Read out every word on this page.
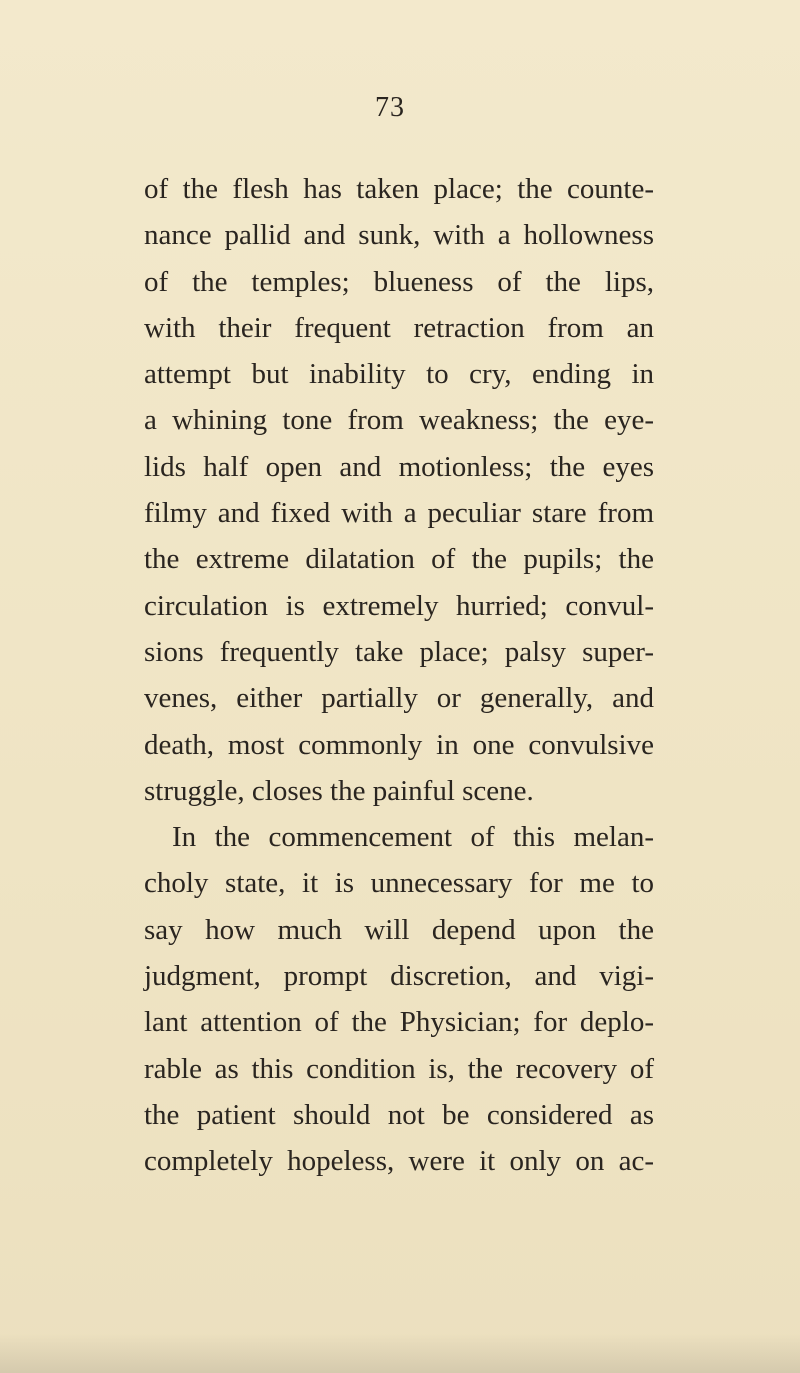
73
of the flesh has taken place; the counte-
nance pallid and sunk, with a hollowness
of the temples; blueness of the lips,
with their frequent retraction from an
attempt but inability to cry, ending in
a whining tone from weakness; the eye-
lids half open and motionless; the eyes
filmy and fixed with a peculiar stare from
the extreme dilatation of the pupils; the
circulation is extremely hurried; convul-
sions frequently take place; palsy super-
venes, either partially or generally, and
death, most commonly in one convulsive
struggle, closes the painful scene.
In the commencement of this melan-
choly state, it is unnecessary for me to
say how much will depend upon the
judgment, prompt discretion, and vigi-
lant attention of the Physician; for deplo-
rable as this condition is, the recovery of
the patient should not be considered as
completely hopeless, were it only on ac-
